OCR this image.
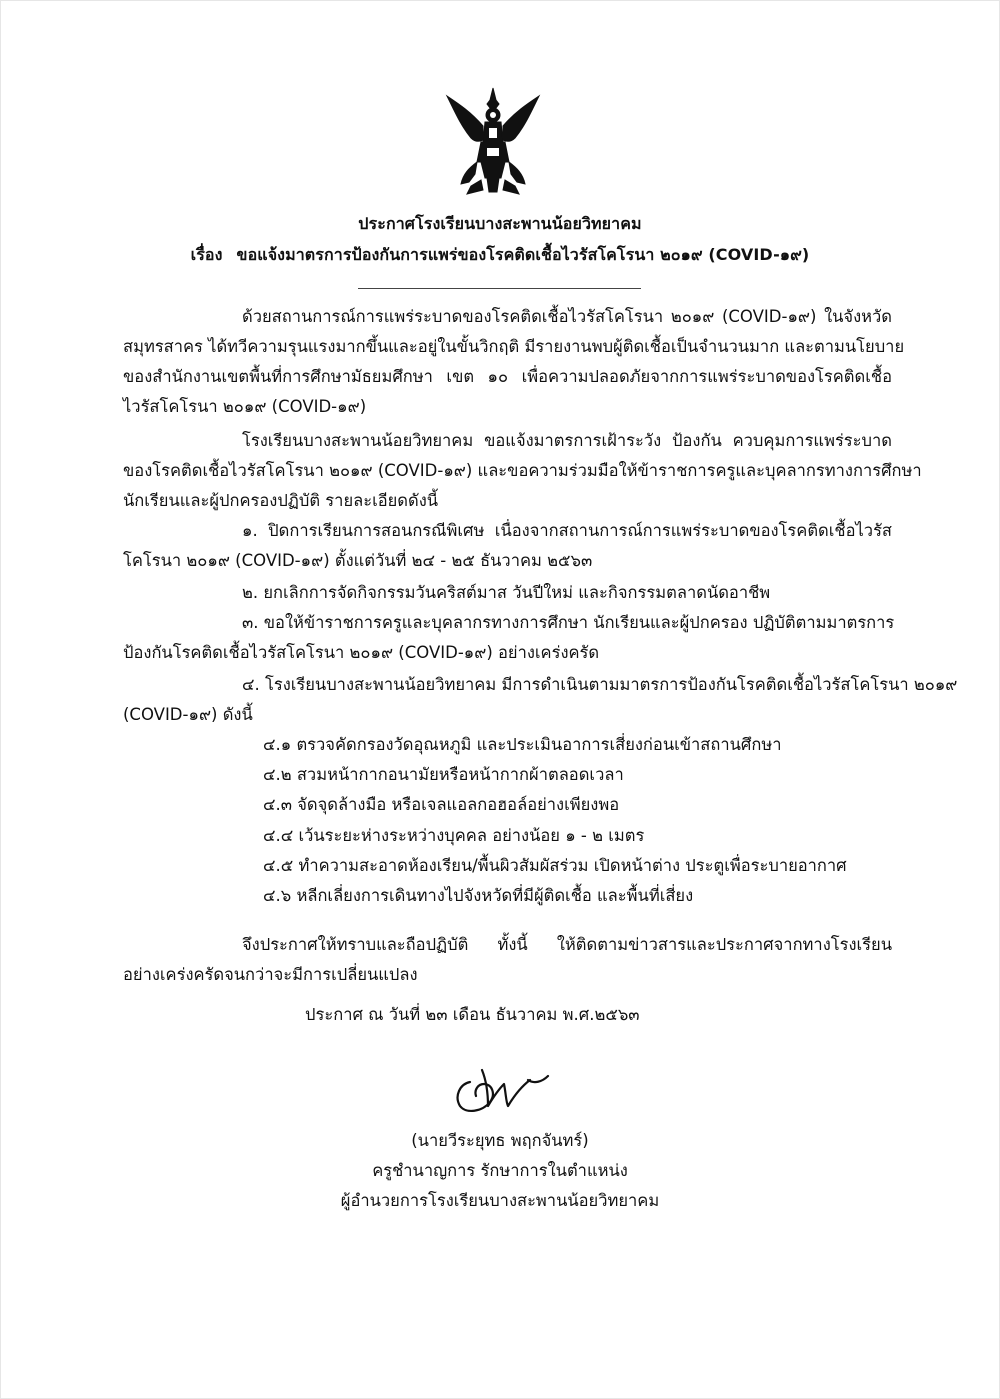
ประกาศโรงเรียนบางสะพานน้อยวิทยาคม
เรื่อง ขอแจ้งมาตรการป้องกันการแพร่ของโรคติดเชื้อไวรัสโคโรนา ๒๐๑๙ (COVID-๑๙)
ด้วยสถานการณ์การแพร่ระบาดของโรคติดเชื้อไวรัสโคโรนา ๒๐๑๙ (COVID-๑๙) ในจังหวัด
สมุทรสาคร ได้ทวีความรุนแรงมากขึ้นและอยู่ในขั้นวิกฤติ มีรายงานพบผู้ติดเชื้อเป็นจำนวนมาก และตามนโยบาย
ของสำนักงานเขตพื้นที่การศึกษามัธยมศึกษา เขต ๑๐ เพื่อความปลอดภัยจากการแพร่ระบาดของโรคติดเชื้อ
ไวรัสโคโรนา ๒๐๑๙ (COVID-๑๙)
โรงเรียนบางสะพานน้อยวิทยาคม ขอแจ้งมาตรการเฝ้าระวัง ป้องกัน ควบคุมการแพร่ระบาด
ของโรคติดเชื้อไวรัสโคโรนา ๒๐๑๙ (COVID-๑๙) และขอความร่วมมือให้ข้าราชการครูและบุคลากรทางการศึกษา
นักเรียนและผู้ปกครองปฏิบัติ รายละเอียดดังนี้
๑. ปิดการเรียนการสอนกรณีพิเศษ เนื่องจากสถานการณ์การแพร่ระบาดของโรคติดเชื้อไวรัส
โคโรนา ๒๐๑๙ (COVID-๑๙) ตั้งแต่วันที่ ๒๔ - ๒๕ ธันวาคม ๒๕๖๓
๒. ยกเลิกการจัดกิจกรรมวันคริสต์มาส วันปีใหม่ และกิจกรรมตลาดนัดอาชีพ
๓. ขอให้ข้าราชการครูและบุคลากรทางการศึกษา นักเรียนและผู้ปกครอง ปฏิบัติตามมาตรการ
ป้องกันโรคติดเชื้อไวรัสโคโรนา ๒๐๑๙ (COVID-๑๙) อย่างเคร่งครัด
๔. โรงเรียนบางสะพานน้อยวิทยาคม มีการดำเนินตามมาตรการป้องกันโรคติดเชื้อไวรัสโคโรนา ๒๐๑๙
(COVID-๑๙) ดังนี้
๔.๑ ตรวจคัดกรองวัดอุณหภูมิ และประเมินอาการเสี่ยงก่อนเข้าสถานศึกษา
๔.๒ สวมหน้ากากอนามัยหรือหน้ากากผ้าตลอดเวลา
๔.๓ จัดจุดล้างมือ หรือเจลแอลกอฮอล์อย่างเพียงพอ
๔.๔ เว้นระยะห่างระหว่างบุคคล อย่างน้อย ๑ - ๒ เมตร
๔.๕ ทำความสะอาดห้องเรียน/พื้นผิวสัมผัสร่วม เปิดหน้าต่าง ประตูเพื่อระบายอากาศ
๔.๖ หลีกเลี่ยงการเดินทางไปจังหวัดที่มีผู้ติดเชื้อ และพื้นที่เสี่ยง
จึงประกาศให้ทราบและถือปฏิบัติ ทั้งนี้ ให้ติดตามข่าวสารและประกาศจากทางโรงเรียน
อย่างเคร่งครัดจนกว่าจะมีการเปลี่ยนแปลง
ประกาศ ณ วันที่ ๒๓ เดือน ธันวาคม พ.ศ.๒๕๖๓
(นายวีระยุทธ พฤกจันทร์)
ครูชำนาญการ รักษาการในตำแหน่ง
ผู้อำนวยการโรงเรียนบางสะพานน้อยวิทยาคม
